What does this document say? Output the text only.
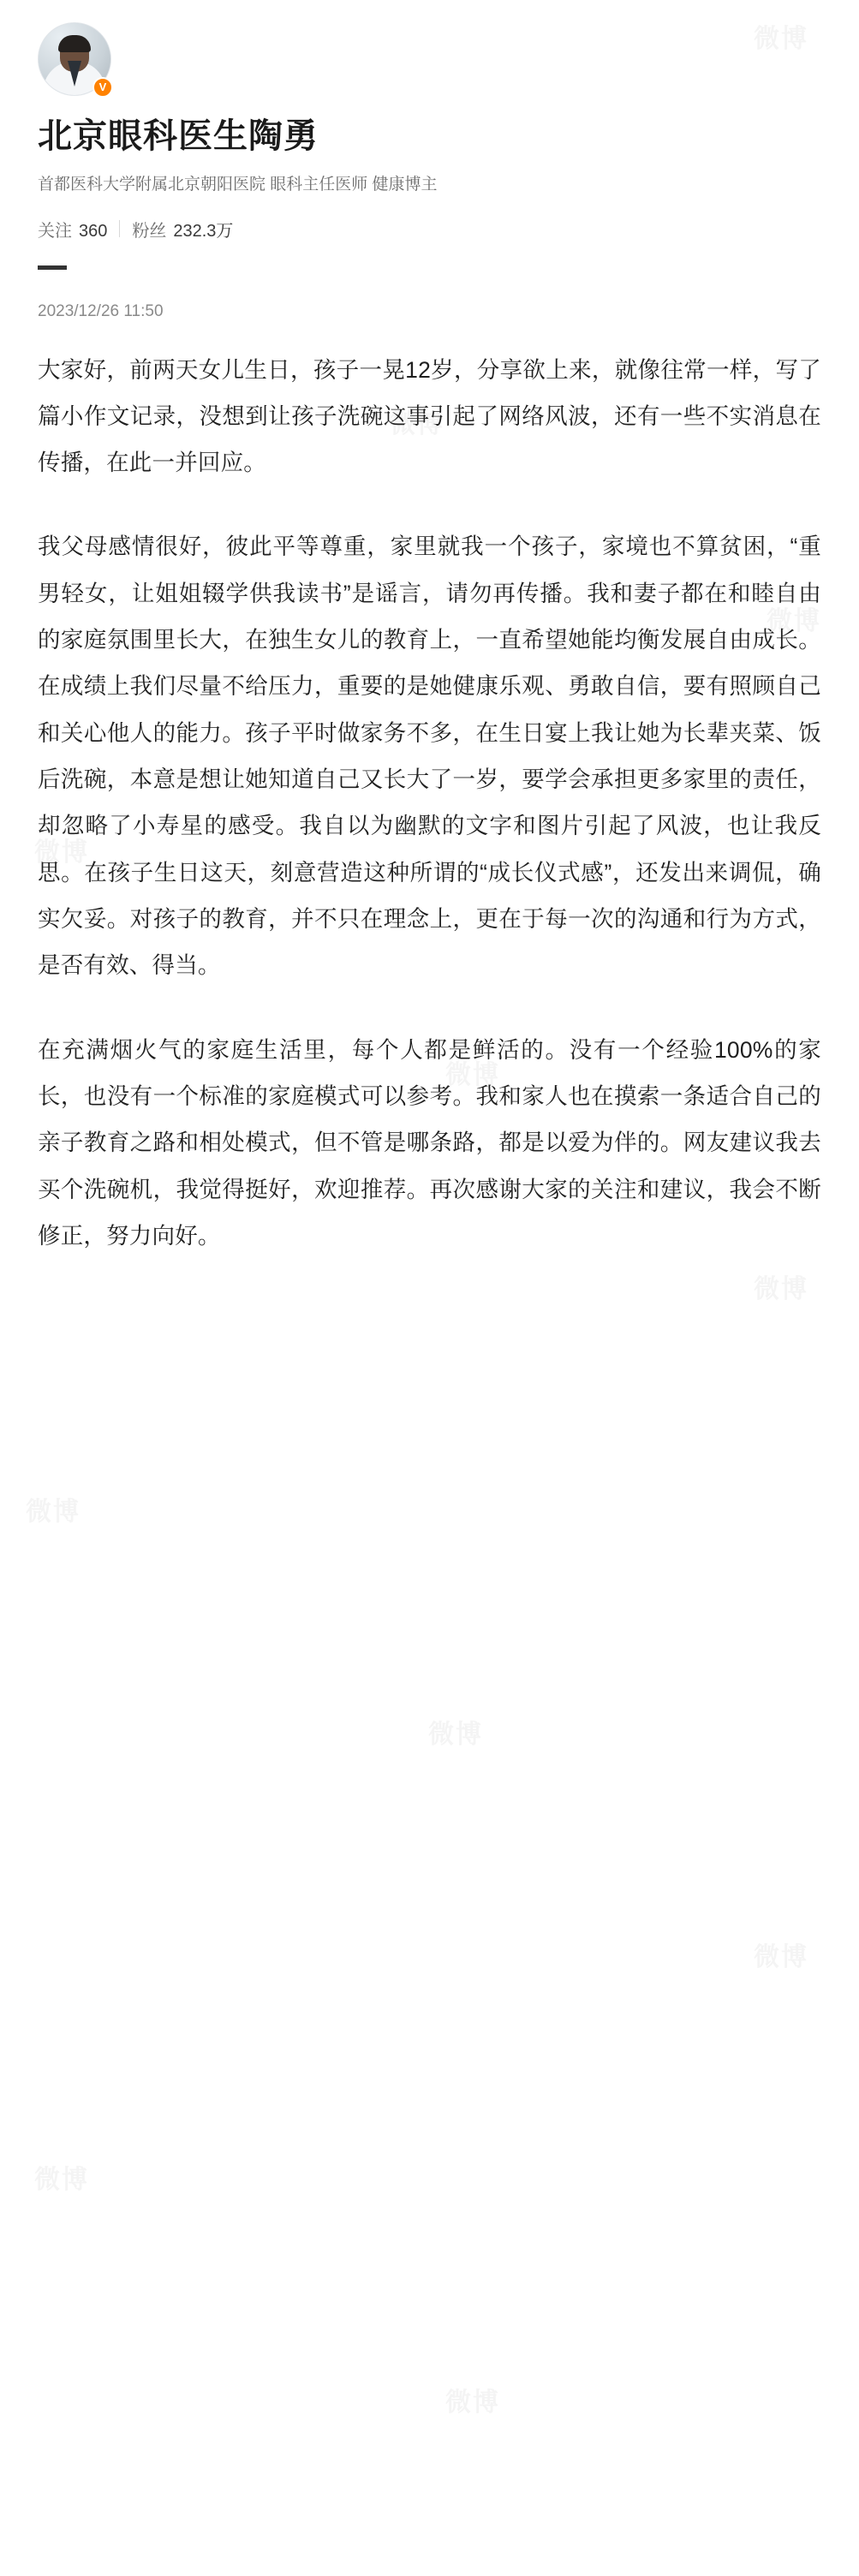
V
北京眼科医生陶勇
首都医科大学附属北京朝阳医院 眼科主任医师 健康博主
关注 360 粉丝 232.3万
2023/12/26 11:50

大家好，前两天女儿生日，孩子一晃12岁，分享欲上来，就像往常一样，写了篇小作文记录，没想到让孩子洗碗这事引起了网络风波，还有一些不实消息在传播，在此一并回应。

我父母感情很好，彼此平等尊重，家里就我一个孩子，家境也不算贫困，“重男轻女，让姐姐辍学供我读书”是谣言，请勿再传播。我和妻子都在和睦自由的家庭氛围里长大，在独生女儿的教育上，一直希望她能均衡发展自由成长。在成绩上我们尽量不给压力，重要的是她健康乐观、勇敢自信，要有照顾自己和关心他人的能力。孩子平时做家务不多，在生日宴上我让她为长辈夹菜、饭后洗碗，本意是想让她知道自己又长大了一岁，要学会承担更多家里的责任，却忽略了小寿星的感受。我自以为幽默的文字和图片引起了风波，也让我反思。在孩子生日这天，刻意营造这种所谓的“成长仪式感”，还发出来调侃，确实欠妥。对孩子的教育，并不只在理念上，更在于每一次的沟通和行为方式，是否有效、得当。

在充满烟火气的家庭生活里，每个人都是鲜活的。没有一个经验100%的家长，也没有一个标准的家庭模式可以参考。我和家人也在摸索一条适合自己的亲子教育之路和相处模式，但不管是哪条路，都是以爱为伴的。网友建议我去买个洗碗机，我觉得挺好，欢迎推荐。再次感谢大家的关注和建议，我会不断修正，努力向好。
